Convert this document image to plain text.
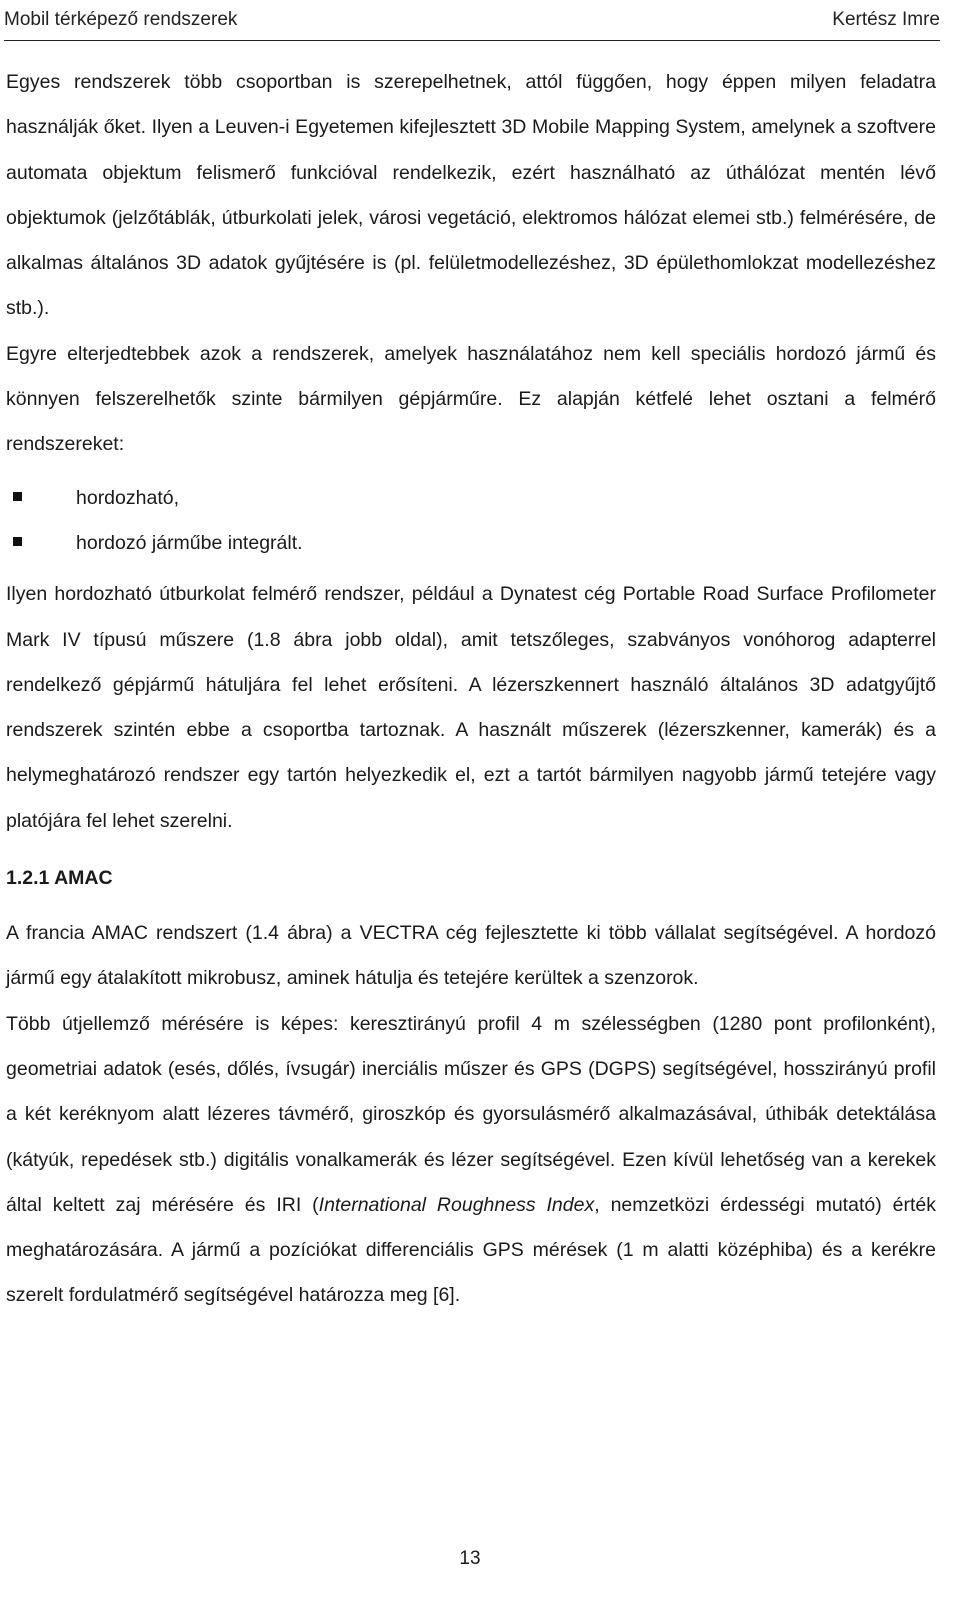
Mobil térképező rendszerek	Kertész Imre

Egyes rendszerek több csoportban is szerepelhetnek, attól függően, hogy éppen milyen feladatra használják őket. Ilyen a Leuven-i Egyetemen kifejlesztett 3D Mobile Mapping System, amelynek a szoftvere automata objektum felismerő funkcióval rendelkezik, ezért használható az úthálózat mentén lévő objektumok (jelzőtáblák, útburkolati jelek, városi vegetáció, elektromos hálózat elemei stb.) felmérésére, de alkalmas általános 3D adatok gyűjtésére is (pl. felületmodellezéshez, 3D épülethomlokzat modellezéshez stb.).

Egyre elterjedtebbek azok a rendszerek, amelyek használatához nem kell speciális hordozó jármű és könnyen felszerelhetők szinte bármilyen gépjárműre. Ez alapján kétfelé lehet osztani a felmérő rendszereket:

hordozható,
hordozó járműbe integrált.

Ilyen hordozható útburkolat felmérő rendszer, például a Dynatest cég Portable Road Surface Profilometer Mark IV típusú műszere (1.8 ábra jobb oldal), amit tetszőleges, szabványos vonóhorog adapterrel rendelkező gépjármű hátuljára fel lehet erősíteni. A lézerszkennert használó általános 3D adatgyűjtő rendszerek szintén ebbe a csoportba tartoznak. A használt műszerek (lézerszkenner, kamerák) és a helymeghatározó rendszer egy tartón helyezkedik el, ezt a tartót bármilyen nagyobb jármű tetejére vagy platójára fel lehet szerelni.

1.2.1 AMAC

A francia AMAC rendszert (1.4 ábra) a VECTRA cég fejlesztette ki több vállalat segítségével. A hordozó jármű egy átalakított mikrobusz, aminek hátulja és tetejére kerültek a szenzorok.

Több útjellemző mérésére is képes: keresztirányú profil 4 m szélességben (1280 pont profilonként), geometriai adatok (esés, dőlés, ívsugár) inerciális műszer és GPS (DGPS) segítségével, hosszirányú profil a két keréknyom alatt lézeres távmérő, giroszkóp és gyorsulásmérő alkalmazásával, úthibák detektálása (kátyúk, repedések stb.) digitális vonalkamerák és lézer segítségével. Ezen kívül lehetőség van a kerekek által keltett zaj mérésére és IRI (International Roughness Index, nemzetközi érdességi mutató) érték meghatározására. A jármű a pozíciókat differenciális GPS mérések (1 m alatti középhiba) és a kerékre szerelt fordulatmérő segítségével határozza meg [6].

13
